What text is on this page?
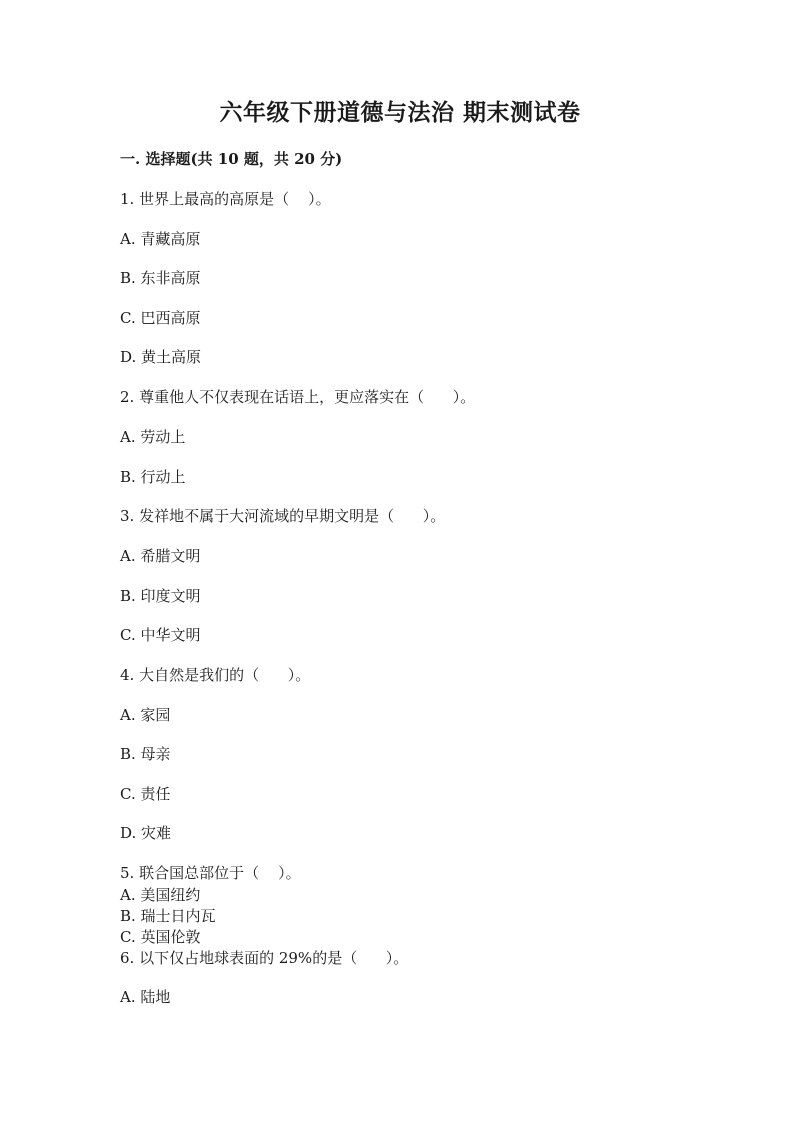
六年级下册道德与法治 期末测试卷
一. 选择题(共 10 题，共 20 分)
1. 世界上最高的高原是（    ）。
A. 青藏高原
B. 东非高原
C. 巴西高原
D. 黄土高原
2. 尊重他人不仅表现在话语上，更应落实在（      ）。
A. 劳动上
B. 行动上
3. 发祥地不属于大河流域的早期文明是（      ）。
A. 希腊文明
B. 印度文明
C. 中华文明
4. 大自然是我们的（      ）。
A. 家园
B. 母亲
C. 责任
D. 灾难
5. 联合国总部位于（    ）。
A. 美国纽约
B. 瑞士日内瓦
C. 英国伦敦
6. 以下仅占地球表面的 29%的是（      ）。
A. 陆地
